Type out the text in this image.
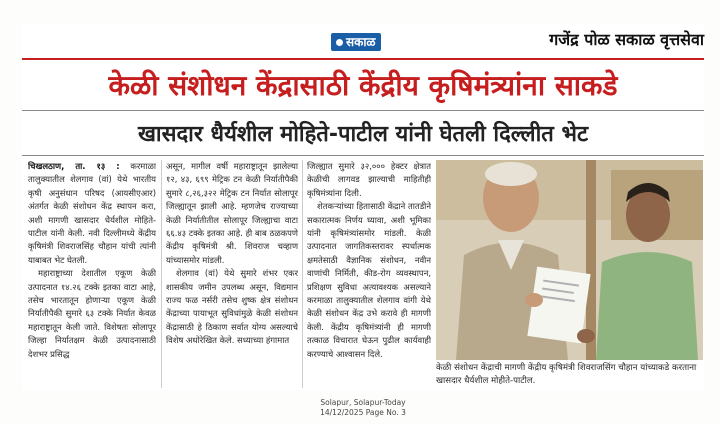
सकाळ	गजेंद्र पोळ सकाळ वृत्तसेवा
केळी संशोधन केंद्रासाठी केंद्रीय कृषिमंत्र्यांना साकडे
खासदार धैर्यशील मोहिते-पाटील यांनी घेतली दिल्लीत भेट

चिखलठाण, ता. १३ : करमाळा तालुक्यातील शेलगाव (वां) येथे भारतीय कृषी अनुसंधान परिषद (आयसीएआर) अंतर्गत केळी संशोधन केंद्र स्थापन करा, अशी मागणी खासदार धैर्यशील मोहिते-पाटील यांनी केली. नवी दिल्लीमध्ये केंद्रीय कृषिमंत्री शिवराजसिंह चौहान यांची त्यांनी याबाबत भेट घेतली.

महाराष्ट्राच्या देशातील एकूण केळी उत्पादनात १४.२६ टक्के इतका वाटा आहे, तसेच भारतातून होणाऱ्या एकूण केळी निर्यातीपैकी सुमारे ६३ टक्के निर्यात केवळ महाराष्ट्रातून केली जाते. विशेषतः सोलापूर जिल्हा निर्यातक्षम केळी उत्पादनासाठी देशभर प्रसिद्ध

असून, मागील वर्षी महाराष्ट्रातून झालेल्या १२, ४३, ६९९ मेट्रिक टन केळी निर्यातीपैकी सुमारे ८,२६,३२२ मेट्रिक टन निर्यात सोलापूर जिल्ह्यातून झाली आहे. म्हणजेच राज्याच्या केळी निर्यातीतील सोलापूर जिल्ह्याचा वाटा ६६.४३ टक्के इतका आहे. ही बाब ठळकपणे केंद्रीय कृषिमंत्री श्री. शिवराज चव्हाण यांच्यासमोर मांडली.

शेलगाव (वां) येथे सुमारे शंभर एकर शासकीय जमीन उपलब्ध असून, विद्यमान राज्य फळ नर्सरी तसेच शुष्क क्षेत्र संशोधन केंद्राच्या पायाभूत सुविधांमुळे केळी संशोधन केंद्रासाठी हे ठिकाण सर्वात योग्य असल्याचे विशेष अधोरेखित केले. सध्याच्या हंगामात

जिल्ह्यात सुमारे ३२,००० हेक्टर क्षेत्रात केळीची लागवड झाल्याची माहितीही कृषिमंत्र्यांना दिली.

शेतकऱ्यांच्या हितासाठी केंद्राने तातडीने सकारात्मक निर्णय घ्यावा, अशी भूमिका यांनी कृषिमंत्र्यांसमोर मांडली. केळी उत्पादनात जागतिकस्तरावर स्पर्धात्मक क्षमतेसाठी वैज्ञानिक संशोधन, नवीन वाणांची निर्मिती, कीड-रोग व्यवस्थापन, प्रशिक्षण सुविधा अत्यावश्यक असल्याने करमाळा तालुक्यातील शेलगाव वांगी येथे केळी संशोधन केंद्र उभे करावे ही मागणी केली. केंद्रीय कृषिमंत्र्यांनी ही मागणी तत्काळ विचारात घेऊन पुढील कार्यवाही करण्याचे आश्वासन दिले.

केळी संशोधन केंद्राची मागणी केंद्रीय कृषिमंत्री शिवराजसिंग चौहान यांच्याकडे करताना खासदार धैर्यशील मोहीते-पाटील.
Solapur, Solapur-Today
14/12/2025 Page No. 3
